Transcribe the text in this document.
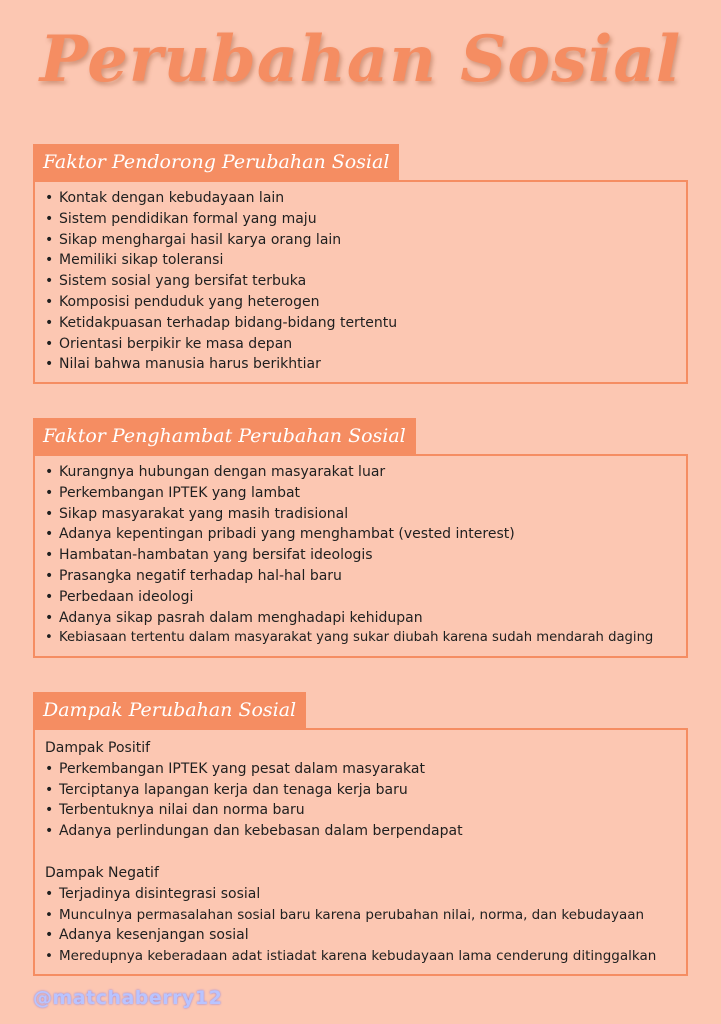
Perubahan Sosial
Faktor Pendorong Perubahan Sosial
• Kontak dengan kebudayaan lain
• Sistem pendidikan formal yang maju
• Sikap menghargai hasil karya orang lain
• Memiliki sikap toleransi
• Sistem sosial yang bersifat terbuka
• Komposisi penduduk yang heterogen
• Ketidakpuasan terhadap bidang-bidang tertentu
• Orientasi berpikir ke masa depan
• Nilai bahwa manusia harus berikhtiar
Faktor Penghambat Perubahan Sosial
• Kurangnya hubungan dengan masyarakat luar
• Perkembangan IPTEK yang lambat
• Sikap masyarakat yang masih tradisional
• Adanya kepentingan pribadi yang menghambat (vested interest)
• Hambatan-hambatan yang bersifat ideologis
• Prasangka negatif terhadap hal-hal baru
• Perbedaan ideologi
• Adanya sikap pasrah dalam menghadapi kehidupan
• Kebiasaan tertentu dalam masyarakat yang sukar diubah karena sudah mendarah daging
Dampak Perubahan Sosial
Dampak Positif
• Perkembangan IPTEK yang pesat dalam masyarakat
• Terciptanya lapangan kerja dan tenaga kerja baru
• Terbentuknya nilai dan norma baru
• Adanya perlindungan dan kebebasan dalam berpendapat
Dampak Negatif
• Terjadinya disintegrasi sosial
• Munculnya permasalahan sosial baru karena perubahan nilai, norma, dan kebudayaan
• Adanya kesenjangan sosial
• Meredupnya keberadaan adat istiadat karena kebudayaan lama cenderung ditinggalkan
@matchaberry12
